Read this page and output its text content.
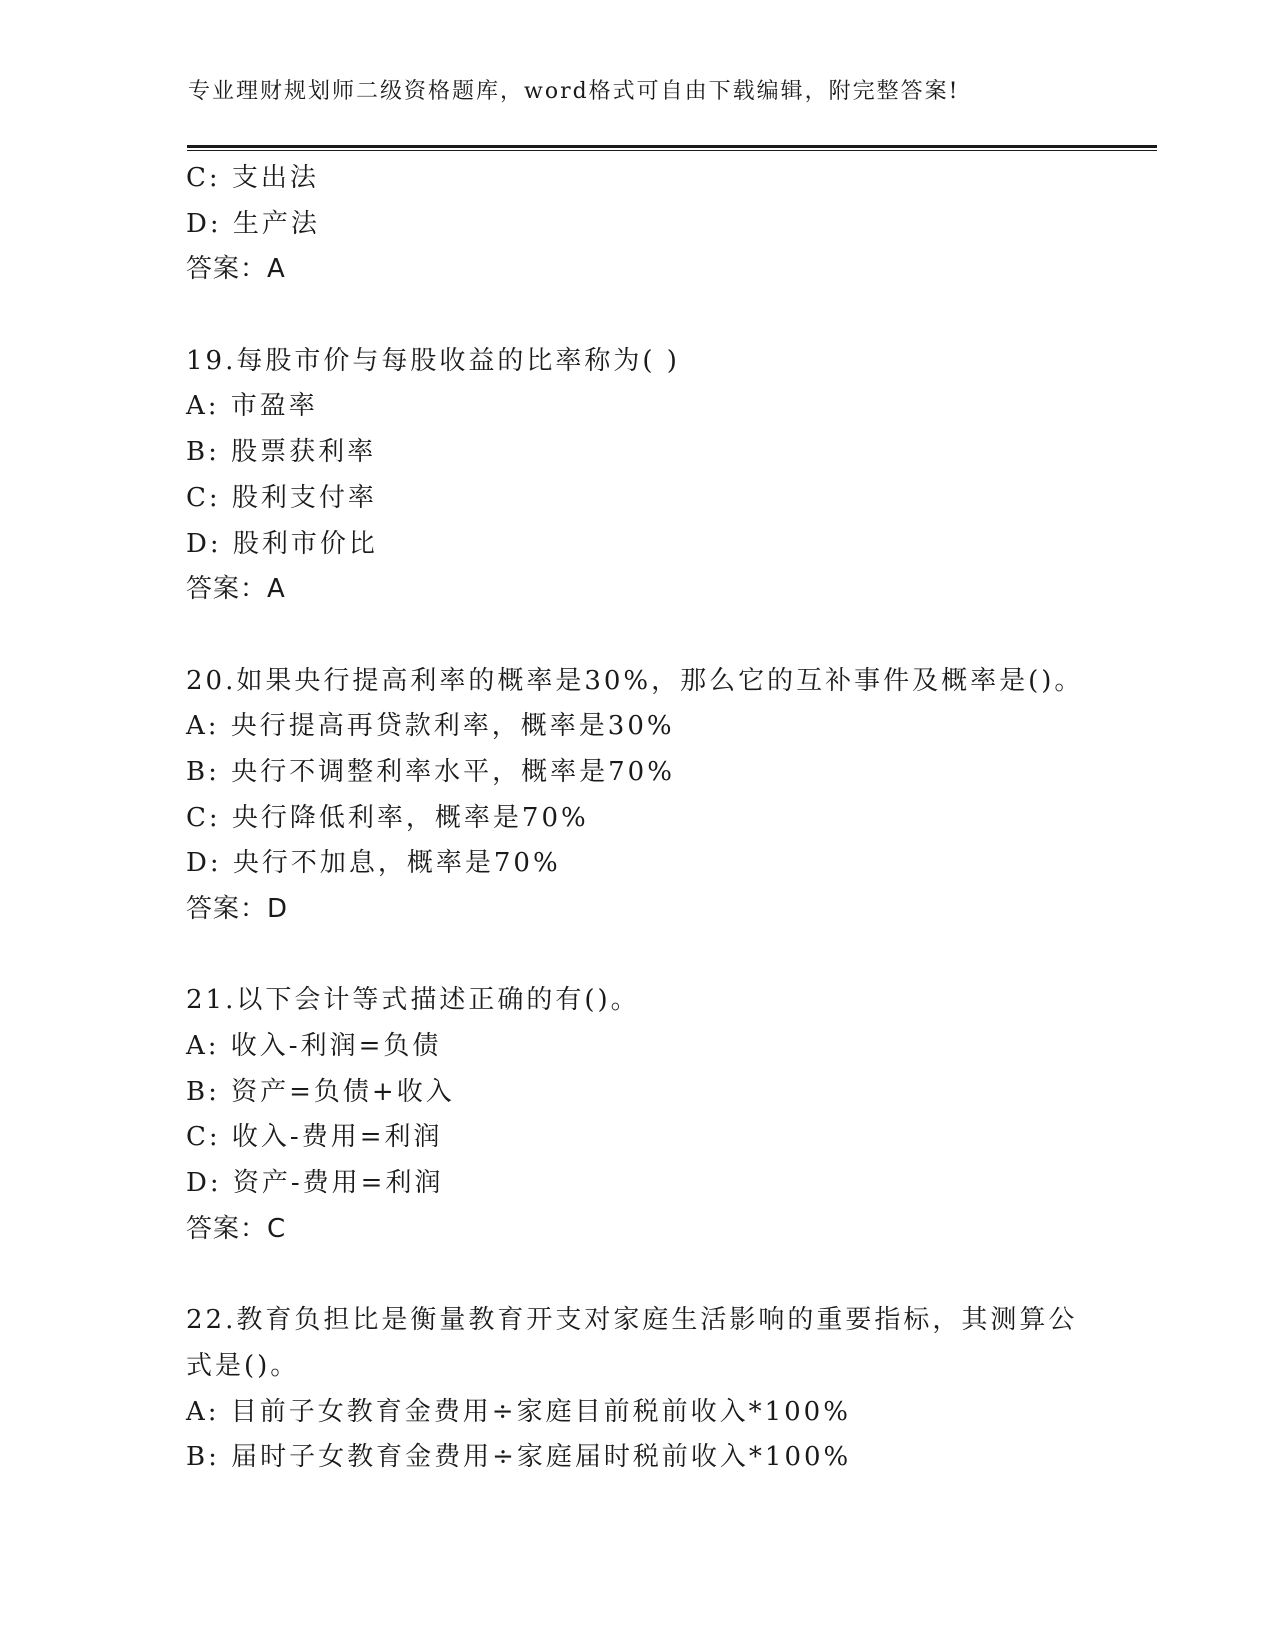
专业理财规划师二级资格题库，word格式可自由下载编辑，附完整答案!
C: 支出法
D: 生产法
答案：A
19.每股市价与每股收益的比率称为( )
A: 市盈率
B: 股票获利率
C: 股利支付率
D: 股利市价比
答案：A
20.如果央行提高利率的概率是30%，那么它的互补事件及概率是()。
A: 央行提高再贷款利率，概率是30%
B: 央行不调整利率水平，概率是70%
C: 央行降低利率，概率是70%
D: 央行不加息，概率是70%
答案：D
21.以下会计等式描述正确的有()。
A: 收入-利润=负债
B: 资产=负债+收入
C: 收入-费用=利润
D: 资产-费用=利润
答案：C
22.教育负担比是衡量教育开支对家庭生活影响的重要指标，其测算公
式是()。
A: 目前子女教育金费用÷家庭目前税前收入*100%
B: 届时子女教育金费用÷家庭届时税前收入*100%
